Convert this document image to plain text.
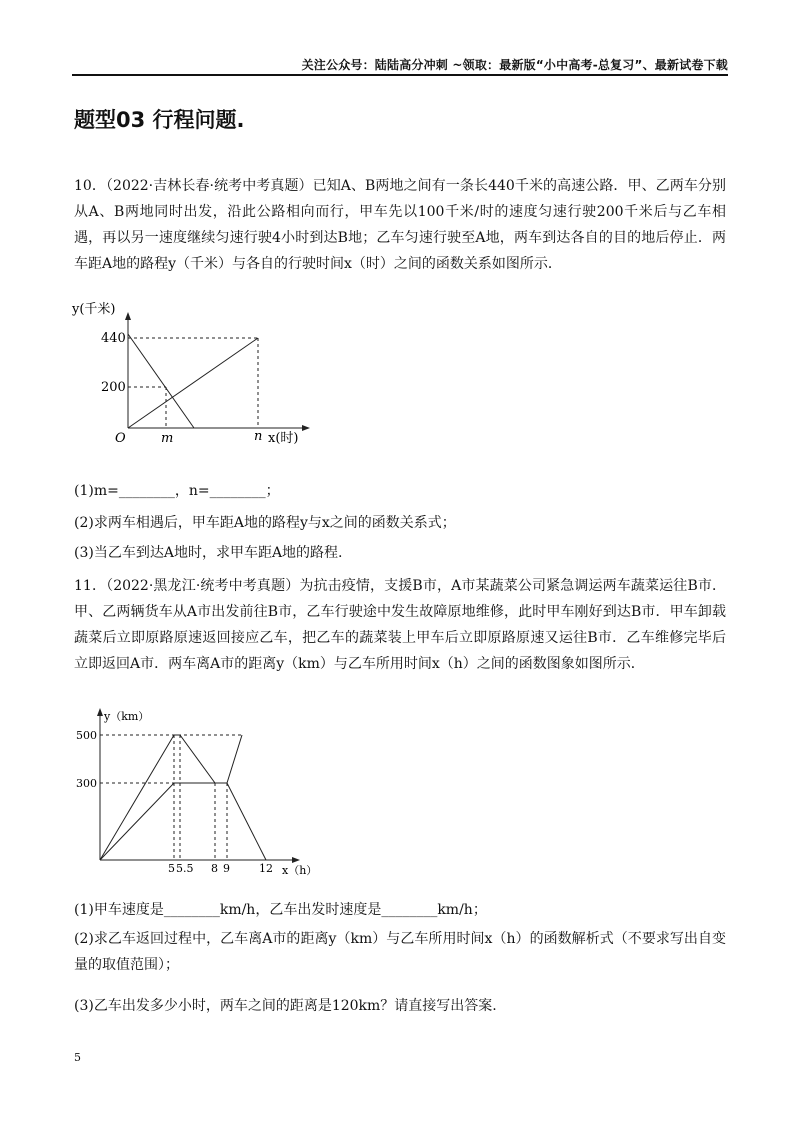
关注公众号：陆陆高分冲刺 ~领取：最新版“小中高考-总复习”、最新试卷下载
题型03 行程问题.

10．（2022·吉林长春·统考中考真题）已知A、B两地之间有一条长440千米的高速公路．甲、乙两车分别从A、B两地同时出发，沿此公路相向而行，甲车先以100千米/时的速度匀速行驶200千米后与乙车相遇，再以另一速度继续匀速行驶4小时到达B地；乙车匀速行驶至A地，两车到达各自的目的地后停止．两车距A地的路程y（千米）与各自的行驶时间x（时）之间的函数关系如图所示．

y(千米)
440
200
O	m	n x(时)

(1)m=________，n=________；

(2)求两车相遇后，甲车距A地的路程y与x之间的函数关系式；

(3)当乙车到达A地时，求甲车距A地的路程.

11．（2022·黑龙江·统考中考真题）为抗击疫情，支援B市，A市某蔬菜公司紧急调运两车蔬菜运往B市．甲、乙两辆货车从A市出发前往B市，乙车行驶途中发生故障原地维修，此时甲车刚好到达B市．甲车卸载蔬菜后立即原路原速返回接应乙车，把乙车的蔬菜装上甲车后立即原路原速又运往B市．乙车维修完毕后立即返回A市．两车离A市的距离y（km）与乙车所用时间x（h）之间的函数图象如图所示．

y（km）
500
300
5 5.5 8 9	12 x（h）

(1)甲车速度是________km/h，乙车出发时速度是________km/h；

(2)求乙车返回过程中，乙车离A市的距离y（km）与乙车所用时间x（h）的函数解析式（不要求写出自变量的取值范围）；

(3)乙车出发多少小时，两车之间的距离是120km？请直接写出答案.

5
